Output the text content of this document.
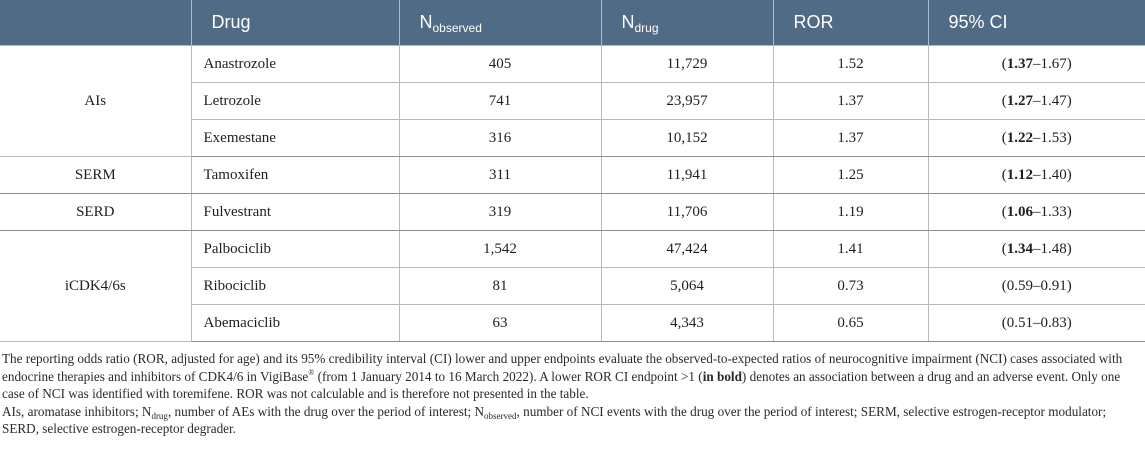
	Drug	$N_{observed}$	$N_{drug}$	ROR	95% CI
AIs	Anastrozole	405	11,729	1.52	(1.37–1.67)
	Letrozole	741	23,957	1.37	(1.27–1.47)
	Exemestane	316	10,152	1.37	(1.22–1.53)
SERM	Tamoxifen	311	11,941	1.25	(1.12–1.40)
SERD	Fulvestrant	319	11,706	1.19	(1.06–1.33)
iCDK4/6s	Palbociclib	1,542	47,424	1.41	(1.34–1.48)
	Ribociclib	81	5,064	0.73	(0.59–0.91)
	Abemaciclib	63	4,343	0.65	(0.51–0.83)

The reporting odds ratio (ROR, adjusted for age) and its 95% credibility interval (CI) lower and upper endpoints evaluate the observed-to-expected ratios of neurocognitive impairment (NCI) cases associated with endocrine therapies and inhibitors of CDK4/6 in VigiBase® (from 1 January 2014 to 16 March 2022). A lower ROR CI endpoint >1 (in bold) denotes an association between a drug and an adverse event. Only one case of NCI was identified with toremifene. ROR was not calculable and is therefore not presented in the table.

AIs, aromatase inhibitors; $N_{drug}$, number of AEs with the drug over the period of interest; $N_{observed}$, number of NCI events with the drug over the period of interest; SERM, selective estrogen-receptor modulator; SERD, selective estrogen-receptor degrader.
